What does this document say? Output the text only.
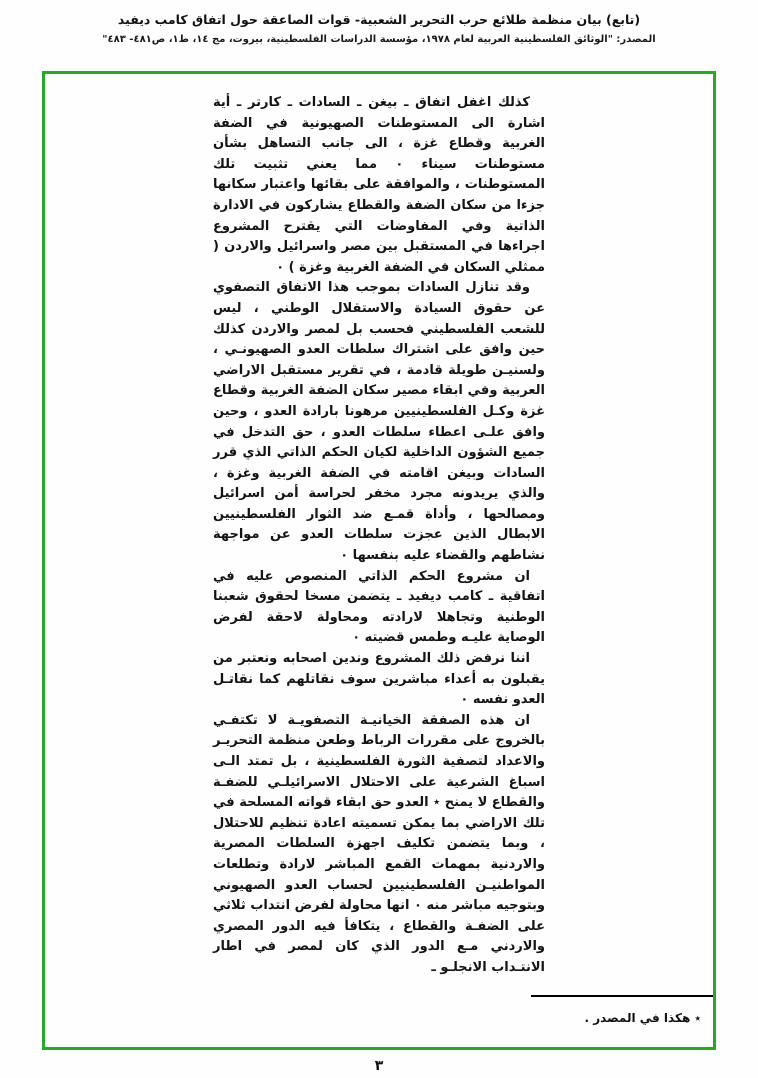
(تابع) بيان منظمة طلائع حرب التحرير الشعبية- قوات الصاعقة حول اتفاق كامب ديفيد
المصدر: "الوثائق الفلسطينية العربية لعام ١٩٧٨، مؤسسة الدراسات الفلسطينية، بيروت، مج ١٤، ط١، ص٤٨١- ٤٨٣"

كذلك اغفل اتفاق ـ بيغن ـ السادات ـ كارتر ـ أية اشارة الى المستوطنات الصهيونية في الضفة الغربية وقطاع غزة ، الى جانب التساهل بشأن مستوطنات سيناء ٠ مما يعني تثبيت تلك المستوطنات ، والموافقة على بقائها واعتبار سكانها جزءا من سكان الضفة والقطاع يشاركون في الادارة الذاتية وفي المفاوضات التي يقترح المشروع اجراءها في المستقبل بين مصر واسرائيل والاردن ( ممثلي السكان في الضفة الغربية وغزة ) ٠

وقد تنازل السادات بموجب هذا الاتفاق التصفوي عن حقوق السيادة والاستقلال الوطني ، ليس للشعب الفلسطيني فحسب بل لمصر والاردن كذلك حين وافق على اشتراك سلطات العدو الصهيونـي ، ولسنيـن طويلة قادمة ، في تقرير مستقبل الاراضي العربية وفي ابقاء مصير سكان الضفة الغربية وقطاع غزة وكـل الفلسطينيين مرهونا بارادة العدو ، وحين وافق علـى اعطاء سلطات العدو ، حق التدخل في جميع الشؤون الداخلية لكيان الحكم الذاتي الذي قرر السادات وبيغن اقامته في الضفة الغربية وغزة ، والذي يريدونه مجرد مخفر لحراسة أمن اسرائيل ومصالحها ، وأداة قمـع ضد الثوار الفلسطينيين الابطال الذين عجزت سلطات العدو عن مواجهة نشاطهم والقضاء عليه بنفسها ٠

ان مشروع الحكم الذاتي المنصوص عليه في اتفاقية ـ كامب ديفيد ـ يتضمن مسخا لحقوق شعبنا الوطنية وتجاهلا لارادته ومحاولة لاحقة لفرض الوصاية عليـه وطمس قضيته ٠

اننا نرفض ذلك المشروع وندين اصحابه ونعتبر من يقبلون به أعداء مباشرين سوف نقاتلهم كما نقاتـل العدو نفسه ٠

ان هذه الصفقة الخيانيـة التصفويـة لا تكتفـي بالخروج على مقررات الرباط وطعن منظمة التحريـر والاعداد لتصفية الثورة الفلسطينية ، بل تمتد الـى اسباغ الشرعية على الاحتلال الاسرائيلـي للضفـة والقطاع لا يمنح ٭ العدو حق ابقاء قواته المسلحة في تلك الاراضي بما يمكن تسميته اعادة تنظيم للاحتلال ، وبما يتضمن تكليف اجهزة السلطات المصرية والاردنية بمهمات القمع المباشر لارادة وتطلعات المواطنيـن الفلسطينيين لحساب العدو الصهيوني وبتوجيه مباشر منه ٠ انها محاولة لفرض انتداب ثلاثي على الضفـة والقطاع ، يتكافأ فيه الدور المصري والاردني مـع الدور الذي كان لمصر في اطار الانتـداب الانجلـو ـ

٭ هكذا في المصدر .
٣
